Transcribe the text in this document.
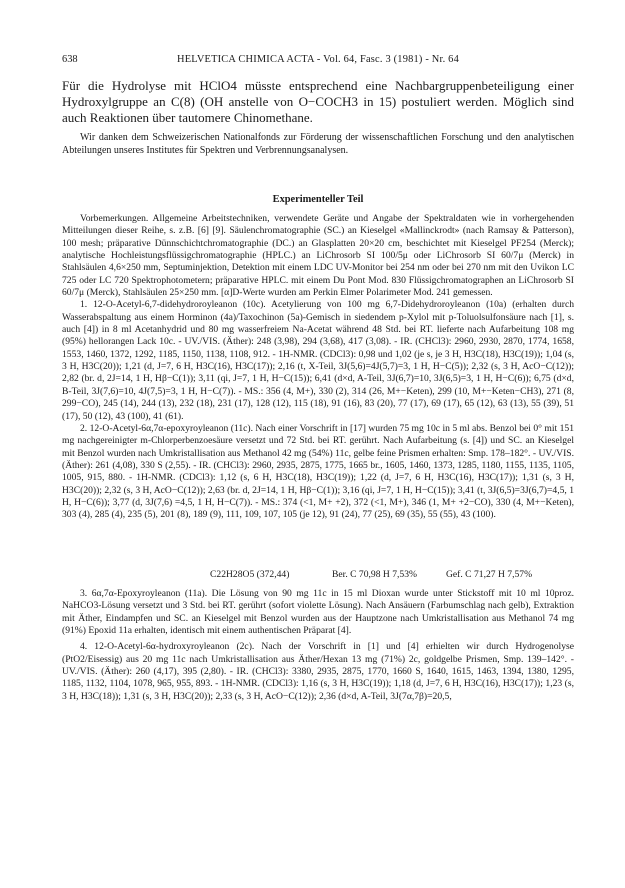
638	HELVETICA CHIMICA ACTA - Vol. 64, Fasc. 3 (1981) - Nr. 64
Für die Hydrolyse mit HClO4 müsste entsprechend eine Nachbargruppenbeteiligung einer Hydroxylgruppe an C(8) (OH anstelle von O−COCH3 in 15) postuliert werden. Möglich sind auch Reaktionen über tautomere Chinomethane.
Wir danken dem Schweizerischen Nationalfonds zur Förderung der wissenschaftlichen Forschung und den analytischen Abteilungen unseres Institutes für Spektren und Verbrennungsanalysen.
Experimenteller Teil

Vorbemerkungen. Allgemeine Arbeitstechniken, verwendete Geräte und Angabe der Spektraldaten wie in vorhergehenden Mitteilungen dieser Reihe, s. z.B. [6] [9]. Säulenchromatographie (SC.) an Kieselgel «Mallinckrodt» (nach Ramsay & Patterson), 100 mesh; präparative Dünnschichtchromatographie (DC.) an Glasplatten 20×20 cm, beschichtet mit Kieselgel PF254 (Merck); analytische Hochleistungsflüssigchromatographie (HPLC.) an LiChrosorb SI 100/5μ oder LiChrosorb SI 60/7μ (Merck) in Stahlsäulen 4,6×250 mm, Septuminjektion, Detektion mit einem LDC UV-Monitor bei 254 nm oder bei 270 nm mit den Uvikon LC 725 oder LC 720 Spektrophotometern; präparative HPLC. mit einem Du Pont Mod. 830 Flüssigchromatographen an LiChrosorb SI 60/7μ (Merck), Stahlsäulen 25×250 mm. [α]D-Werte wurden am Perkin Elmer Polarimeter Mod. 241 gemessen.

1. 12-O-Acetyl-6,7-didehydroroyleanon (10c). Acetylierung von 100 mg 6,7-Didehydroroyleanon (10a) (erhalten durch Wasserabspaltung aus einem Horminon (4a)/Taxochinon (5a)-Gemisch in siedendem p-Xylol mit p-Toluolsulfonsäure nach [1], s. auch [4]) in 8 ml Acetanhydrid und 80 mg wasserfreiem Na-Acetat während 48 Std. bei RT. lieferte nach Aufarbeitung 108 mg (95%) hellorangen Lack 10c. - UV./VIS. (Äther): 248 (3,98), 294 (3,68), 417 (3,08). - IR. (CHCl3): 2960, 2930, 2870, 1774, 1658, 1553, 1460, 1372, 1292, 1185, 1150, 1138, 1108, 912. - 1H-NMR. (CDCl3): 0,98 und 1,02 (je s, je 3 H, H3C(18), H3C(19)); 1,04 (s, 3 H, H3C(20)); 1,21 (d, J=7, 6 H, H3C(16), H3C(17)); 2,16 (t, X-Teil, 3J(5,6)=4J(5,7)=3, 1 H, H−C(5)); 2,32 (s, 3 H, AcO−C(12)); 2,82 (br. d, 2J=14, 1 H, Hβ−C(1)); 3,11 (qi, J=7, 1 H, H−C(15)); 6,41 (d×d, A-Teil, 3J(6,7)=10, 3J(6,5)=3, 1 H, H−C(6)); 6,75 (d×d, B-Teil, 3J(7,6)=10, 4J(7,5)=3, 1 H, H−C(7)). - MS.: 356 (4, M+), 330 (2), 314 (26, M+−Keten), 299 (10, M+−Keten−CH3), 271 (8, 299−CO), 245 (14), 244 (13), 232 (18), 231 (17), 128 (12), 115 (18), 91 (16), 83 (20), 77 (17), 69 (17), 65 (12), 63 (13), 55 (39), 51 (17), 50 (12), 43 (100), 41 (61).

2. 12-O-Acetyl-6α,7α-epoxyroyleanon (11c). Nach einer Vorschrift in [17] wurden 75 mg 10c in 5 ml abs. Benzol bei 0° mit 151 mg nachgereinigter m-Chlorperbenzoesäure versetzt und 72 Std. bei RT. gerührt. Nach Aufarbeitung (s. [4]) und SC. an Kieselgel mit Benzol wurden nach Umkristallisation aus Methanol 42 mg (54%) 11c, gelbe feine Prismen erhalten: Smp. 178–182°. - UV./VIS. (Äther): 261 (4,08), 330 S (2,55). - IR. (CHCl3): 2960, 2935, 2875, 1775, 1665 br., 1605, 1460, 1373, 1285, 1180, 1155, 1135, 1105, 1005, 915, 880. - 1H-NMR. (CDCl3): 1,12 (s, 6 H, H3C(18), H3C(19)); 1,22 (d, J=7, 6 H, H3C(16), H3C(17)); 1,31 (s, 3 H, H3C(20)); 2,32 (s, 3 H, AcO−C(12)); 2,63 (br. d, 2J=14, 1 H, Hβ−C(1)); 3,16 (qi, J=7, 1 H, H−C(15)); 3,41 (t, 3J(6,5)=3J(6,7)=4,5, 1 H, H−C(6)); 3,77 (d, 3J(7,6) =4,5, 1 H, H−C(7)). - MS.: 374 (<1, M+ +2), 372 (<1, M+), 346 (1, M+ +2−CO), 330 (4, M+−Keten), 303 (4), 285 (4), 235 (5), 201 (8), 189 (9), 111, 109, 107, 105 (je 12), 91 (24), 77 (25), 69 (35), 55 (55), 43 (100).

C22H28O5 (372,44)	Ber. C 70,98 H 7,53%	Gef. C 71,27 H 7,57%

3. 6α,7α-Epoxyroyleanon (11a). Die Lösung von 90 mg 11c in 15 ml Dioxan wurde unter Stickstoff mit 10 ml 10proz. NaHCO3-Lösung versetzt und 3 Std. bei RT. gerührt (sofort violette Lösung). Nach Ansäuern (Farbumschlag nach gelb), Extraktion mit Äther, Eindampfen und SC. an Kieselgel mit Benzol wurden aus der Hauptzone nach Umkristallisation aus Methanol 74 mg (91%) Epoxid 11a erhalten, identisch mit einem authentischen Präparat [4].

4. 12-O-Acetyl-6α-hydroxyroyleanon (2c). Nach der Vorschrift in [1] und [4] erhielten wir durch Hydrogenolyse (PtO2/Eisessig) aus 20 mg 11c nach Umkristallisation aus Äther/Hexan 13 mg (71%) 2c, goldgelbe Prismen, Smp. 139–142°. - UV./VIS. (Äther): 260 (4,17), 395 (2,80). - IR. (CHCl3): 3380, 2935, 2875, 1770, 1660 S, 1640, 1615, 1463, 1394, 1380, 1295, 1185, 1132, 1104, 1078, 965, 955, 893. - 1H-NMR. (CDCl3): 1,16 (s, 3 H, H3C(19)); 1,18 (d, J=7, 6 H, H3C(16), H3C(17)); 1,23 (s, 3 H, H3C(18)); 1,31 (s, 3 H, H3C(20)); 2,33 (s, 3 H, AcO−C(12)); 2,36 (d×d, A-Teil, 3J(7α,7β)=20,5,
